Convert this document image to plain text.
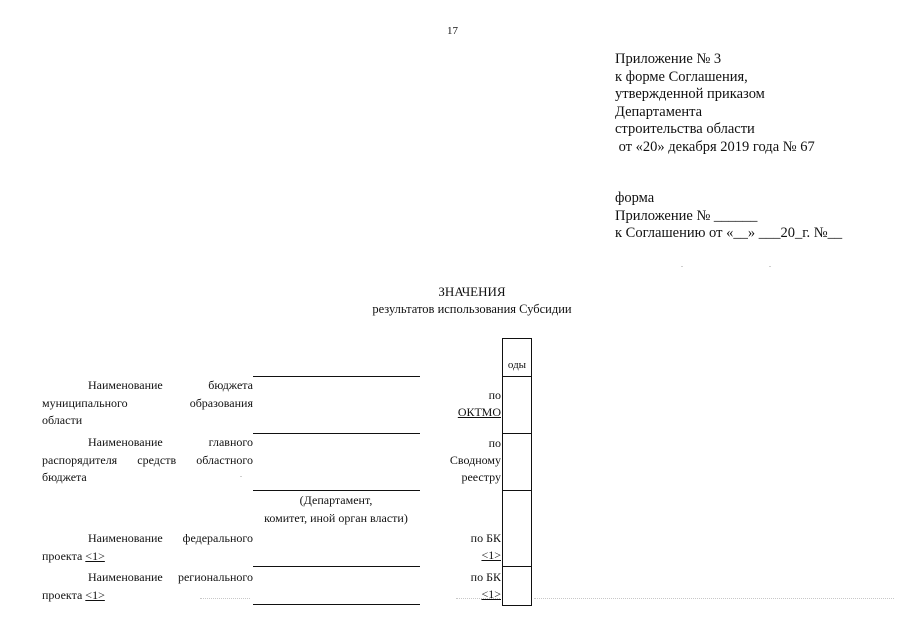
17
Приложение № 3
к форме Соглашения,
утвержденной приказом
Департамента
строительства области
от «20» декабря 2019 года № 67
форма
Приложение № ______
к Соглашению от «__» ___20_г. №__
ЗНАЧЕНИЯ
результатов использования Субсидии
Наименование бюджета
муниципального образования
области
Наименование главного
распорядителя средств областного
бюджета
Наименование федерального
проекта <1>
Наименование регионального
проекта <1>
(Департамент,
комитет, иной орган власти)
по
ОКТМО
по
Сводному
реестру
по БК
<1>
по БК
<1>
оды
